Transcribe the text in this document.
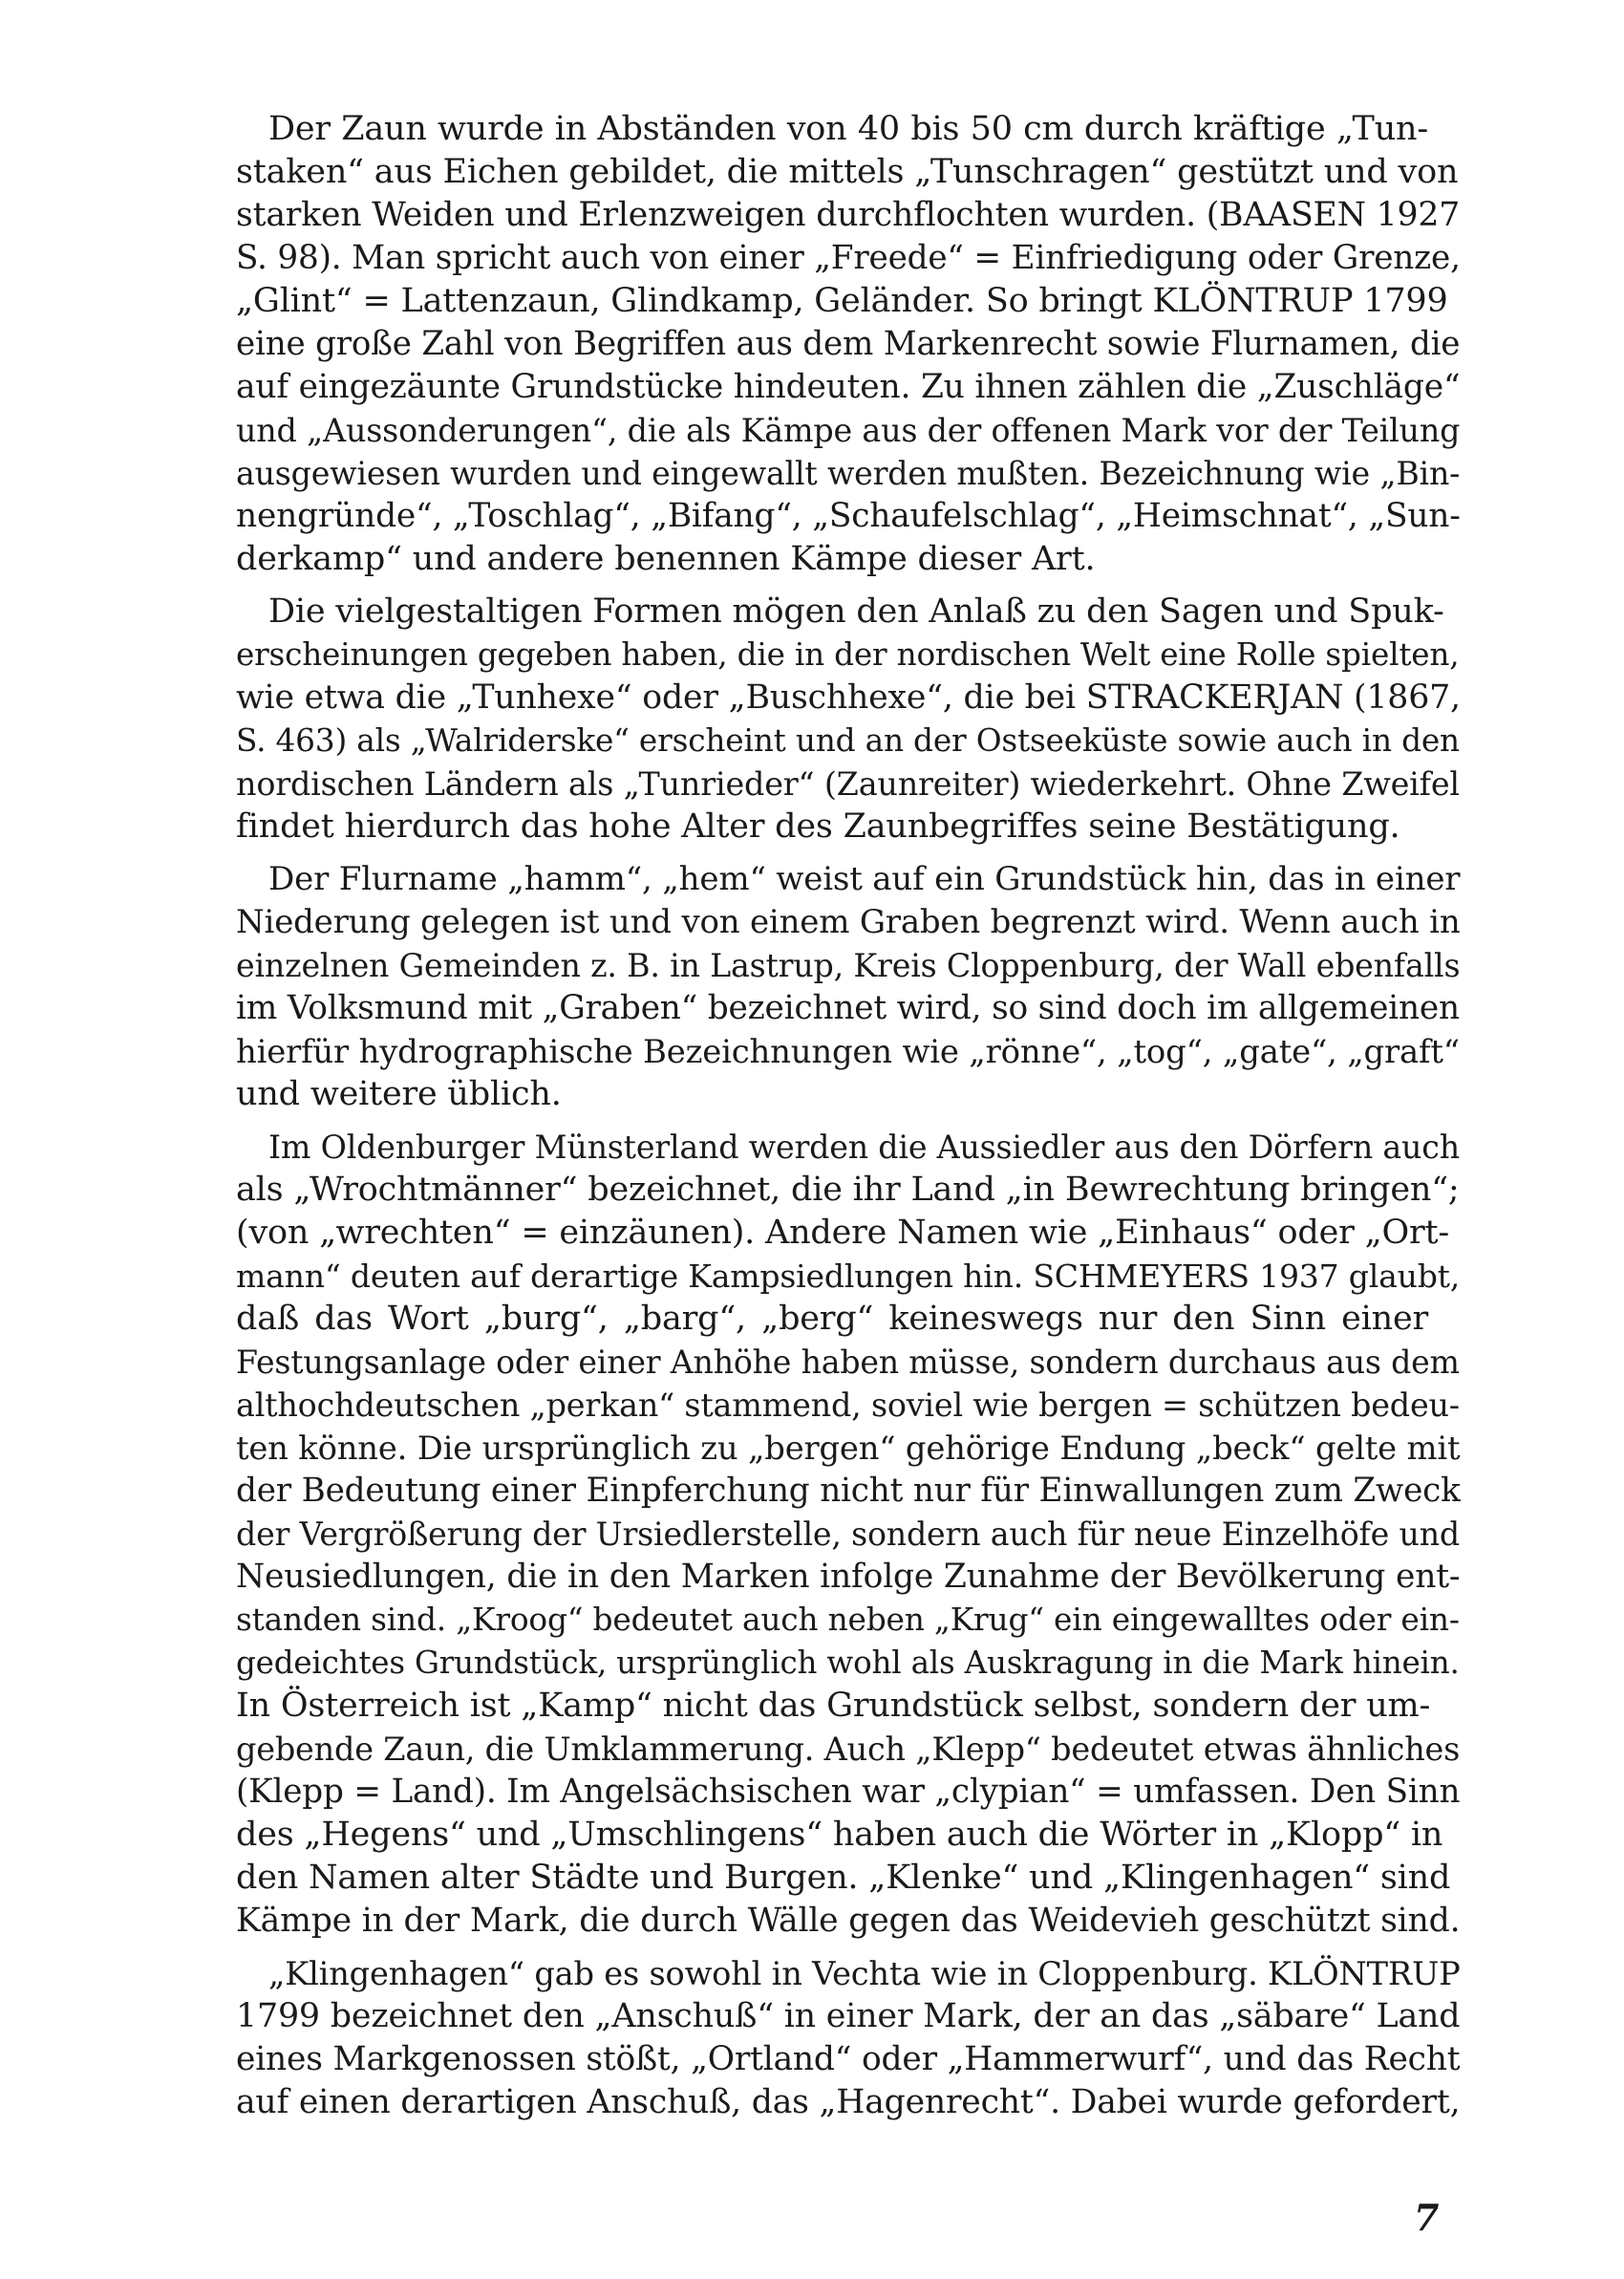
Der Zaun wurde in Abständen von 40 bis 50 cm durch kräftige „Tun-
staken“ aus Eichen gebildet, die mittels „Tunschragen“ gestützt und von
starken Weiden und Erlenzweigen durchflochten wurden. (BAASEN 1927
S. 98). Man spricht auch von einer „Freede“ = Einfriedigung oder Grenze,
„Glint“ = Lattenzaun, Glindkamp, Geländer. So bringt KLÖNTRUP 1799
eine große Zahl von Begriffen aus dem Markenrecht sowie Flurnamen, die
auf eingezäunte Grundstücke hindeuten. Zu ihnen zählen die „Zuschläge“
und „Aussonderungen“, die als Kämpe aus der offenen Mark vor der Teilung
ausgewiesen wurden und eingewallt werden mußten. Bezeichnung wie „Bin-
nengründe“, „Toschlag“, „Bifang“, „Schaufelschlag“, „Heimschnat“, „Sun-
derkamp“ und andere benennen Kämpe dieser Art.
Die vielgestaltigen Formen mögen den Anlaß zu den Sagen und Spuk-
erscheinungen gegeben haben, die in der nordischen Welt eine Rolle spielten,
wie etwa die „Tunhexe“ oder „Buschhexe“, die bei STRACKERJAN (1867,
S. 463) als „Walriderske“ erscheint und an der Ostseeküste sowie auch in den
nordischen Ländern als „Tunrieder“ (Zaunreiter) wiederkehrt. Ohne Zweifel
findet hierdurch das hohe Alter des Zaunbegriffes seine Bestätigung.
Der Flurname „hamm“, „hem“ weist auf ein Grundstück hin, das in einer
Niederung gelegen ist und von einem Graben begrenzt wird. Wenn auch in
einzelnen Gemeinden z. B. in Lastrup, Kreis Cloppenburg, der Wall ebenfalls
im Volksmund mit „Graben“ bezeichnet wird, so sind doch im allgemeinen
hierfür hydrographische Bezeichnungen wie „rönne“, „tog“, „gate“, „graft“
und weitere üblich.
Im Oldenburger Münsterland werden die Aussiedler aus den Dörfern auch
als „Wrochtmänner“ bezeichnet, die ihr Land „in Bewrechtung bringen“;
(von „wrechten“ = einzäunen). Andere Namen wie „Einhaus“ oder „Ort-
mann“ deuten auf derartige Kampsiedlungen hin. SCHMEYERS 1937 glaubt,
daß das Wort „burg“, „barg“, „berg“ keineswegs nur den Sinn einer
Festungsanlage oder einer Anhöhe haben müsse, sondern durchaus aus dem
althochdeutschen „perkan“ stammend, soviel wie bergen = schützen bedeu-
ten könne. Die ursprünglich zu „bergen“ gehörige Endung „beck“ gelte mit
der Bedeutung einer Einpferchung nicht nur für Einwallungen zum Zweck
der Vergrößerung der Ursiedlerstelle, sondern auch für neue Einzelhöfe und
Neusiedlungen, die in den Marken infolge Zunahme der Bevölkerung ent-
standen sind. „Kroog“ bedeutet auch neben „Krug“ ein eingewalltes oder ein-
gedeichtes Grundstück, ursprünglich wohl als Auskragung in die Mark hinein.
In Österreich ist „Kamp“ nicht das Grundstück selbst, sondern der um-
gebende Zaun, die Umklammerung. Auch „Klepp“ bedeutet etwas ähnliches
(Klepp = Land). Im Angelsächsischen war „clypian“ = umfassen. Den Sinn
des „Hegens“ und „Umschlingens“ haben auch die Wörter in „Klopp“ in
den Namen alter Städte und Burgen. „Klenke“ und „Klingenhagen“ sind
Kämpe in der Mark, die durch Wälle gegen das Weidevieh geschützt sind.
„Klingenhagen“ gab es sowohl in Vechta wie in Cloppenburg. KLÖNTRUP
1799 bezeichnet den „Anschuß“ in einer Mark, der an das „säbare“ Land
eines Markgenossen stößt, „Ortland“ oder „Hammerwurf“, und das Recht
auf einen derartigen Anschuß, das „Hagenrecht“. Dabei wurde gefordert,
7
